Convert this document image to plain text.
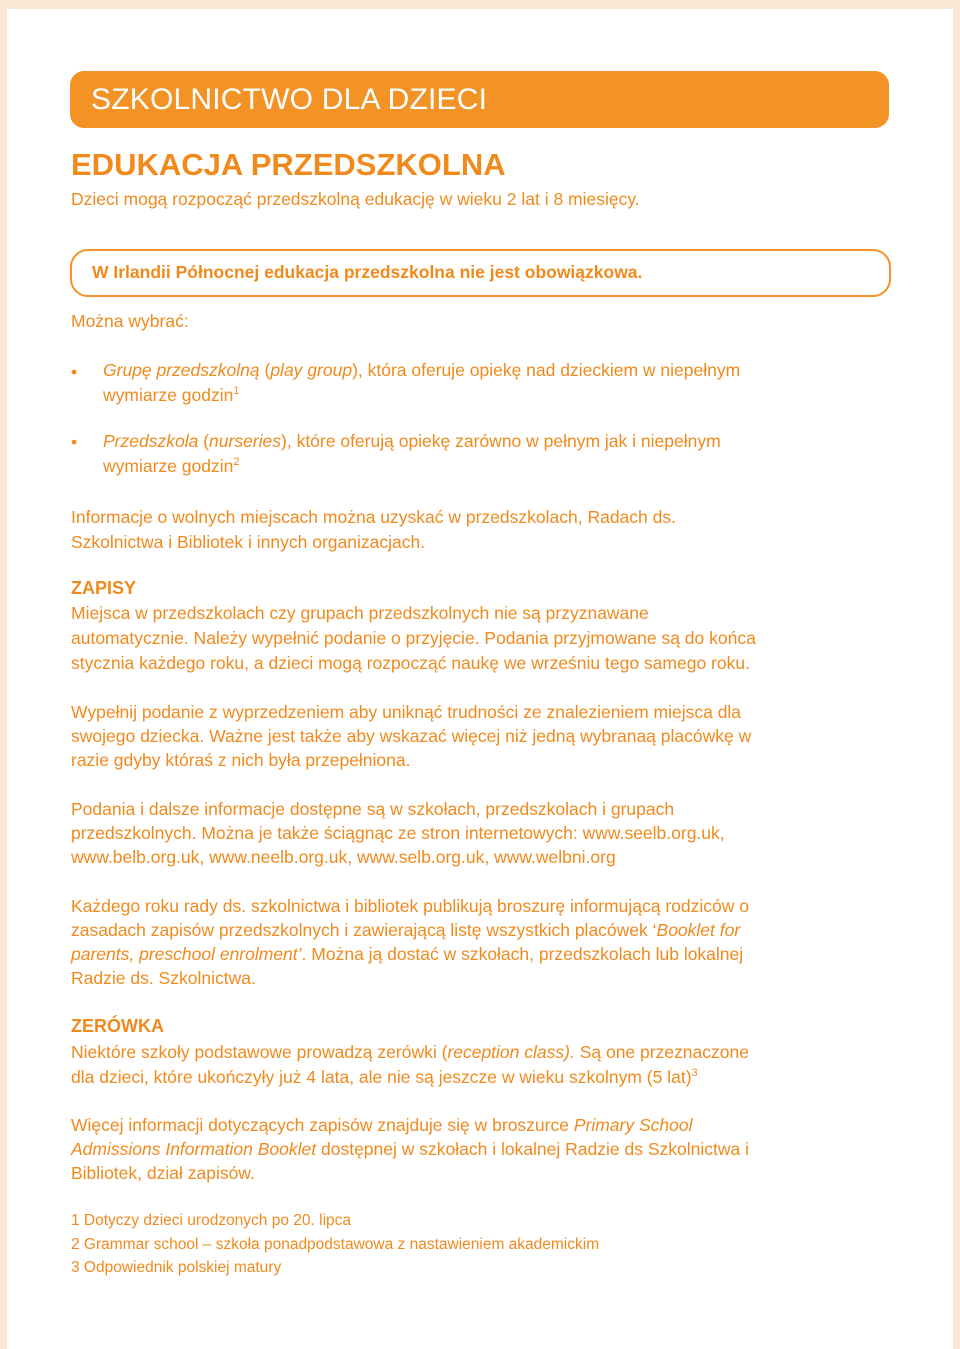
SZKOLNICTWO DLA DZIECI
EDUKACJA PRZEDSZKOLNA
Dzieci mogą rozpocząć przedszkolną edukację w wieku 2 lat i 8 miesięcy.
W Irlandii Północnej edukacja przedszkolna nie jest obowiązkowa.

Można wybrać:

• Grupę przedszkolną (play group), która oferuje opiekę nad dzieckiem w niepełnym

wymiarze godzin$^1$

• Przedszkola (nurseries), które oferują opiekę zarówno w pełnym jak i niepełnym

wymiarze godzin$^2$

Informacje o wolnych miejscach można uzyskać w przedszkolach, Radach ds.

Szkolnictwa i Bibliotek i innych organizacjach.

ZAPISY

Miejsca w przedszkolach czy grupach przedszkolnych nie są przyznawane

automatycznie. Należy wypełnić podanie o przyjęcie. Podania przyjmowane są do końca

stycznia każdego roku, a dzieci mogą rozpocząć naukę we wrześniu tego samego roku.

Wypełnij podanie z wyprzedzeniem aby uniknąć trudności ze znalezieniem miejsca dla

swojego dziecka. Ważne jest także aby wskazać więcej niż jedną wybranaą placówkę w

razie gdyby któraś z nich była przepełniona.

Podania i dalsze informacje dostępne są w szkołach, przedszkolach i grupach

przedszkolnych. Można je także ściągnąc ze stron internetowych: www.seelb.org.uk,

www.belb.org.uk, www.neelb.org.uk, www.selb.org.uk, www.welbni.org

Każdego roku rady ds. szkolnictwa i bibliotek publikują broszurę informującą rodziców o

zasadach zapisów przedszkolnych i zawierającą listę wszystkich placówek ‘Booklet for

parents, preschool enrolment’. Można ją dostać w szkołach, przedszkolach lub lokalnej

Radzie ds. Szkolnictwa.

ZERÓWKA

Niektóre szkoły podstawowe prowadzą zerówki (reception class). Są one przeznaczone

dla dzieci, które ukończyły już 4 lata, ale nie są jeszcze w wieku szkolnym (5 lat)$^3$

Więcej informacji dotyczących zapisów znajduje się w broszurce Primary School

Admissions Information Booklet dostępnej w szkołach i lokalnej Radzie ds Szkolnictwa i

Bibliotek, dział zapisów.

1 Dotyczy dzieci urodzonych po 20. lipca
2 Grammar school – szkoła ponadpodstawowa z nastawieniem akademickim
3 Odpowiednik polskiej matury
